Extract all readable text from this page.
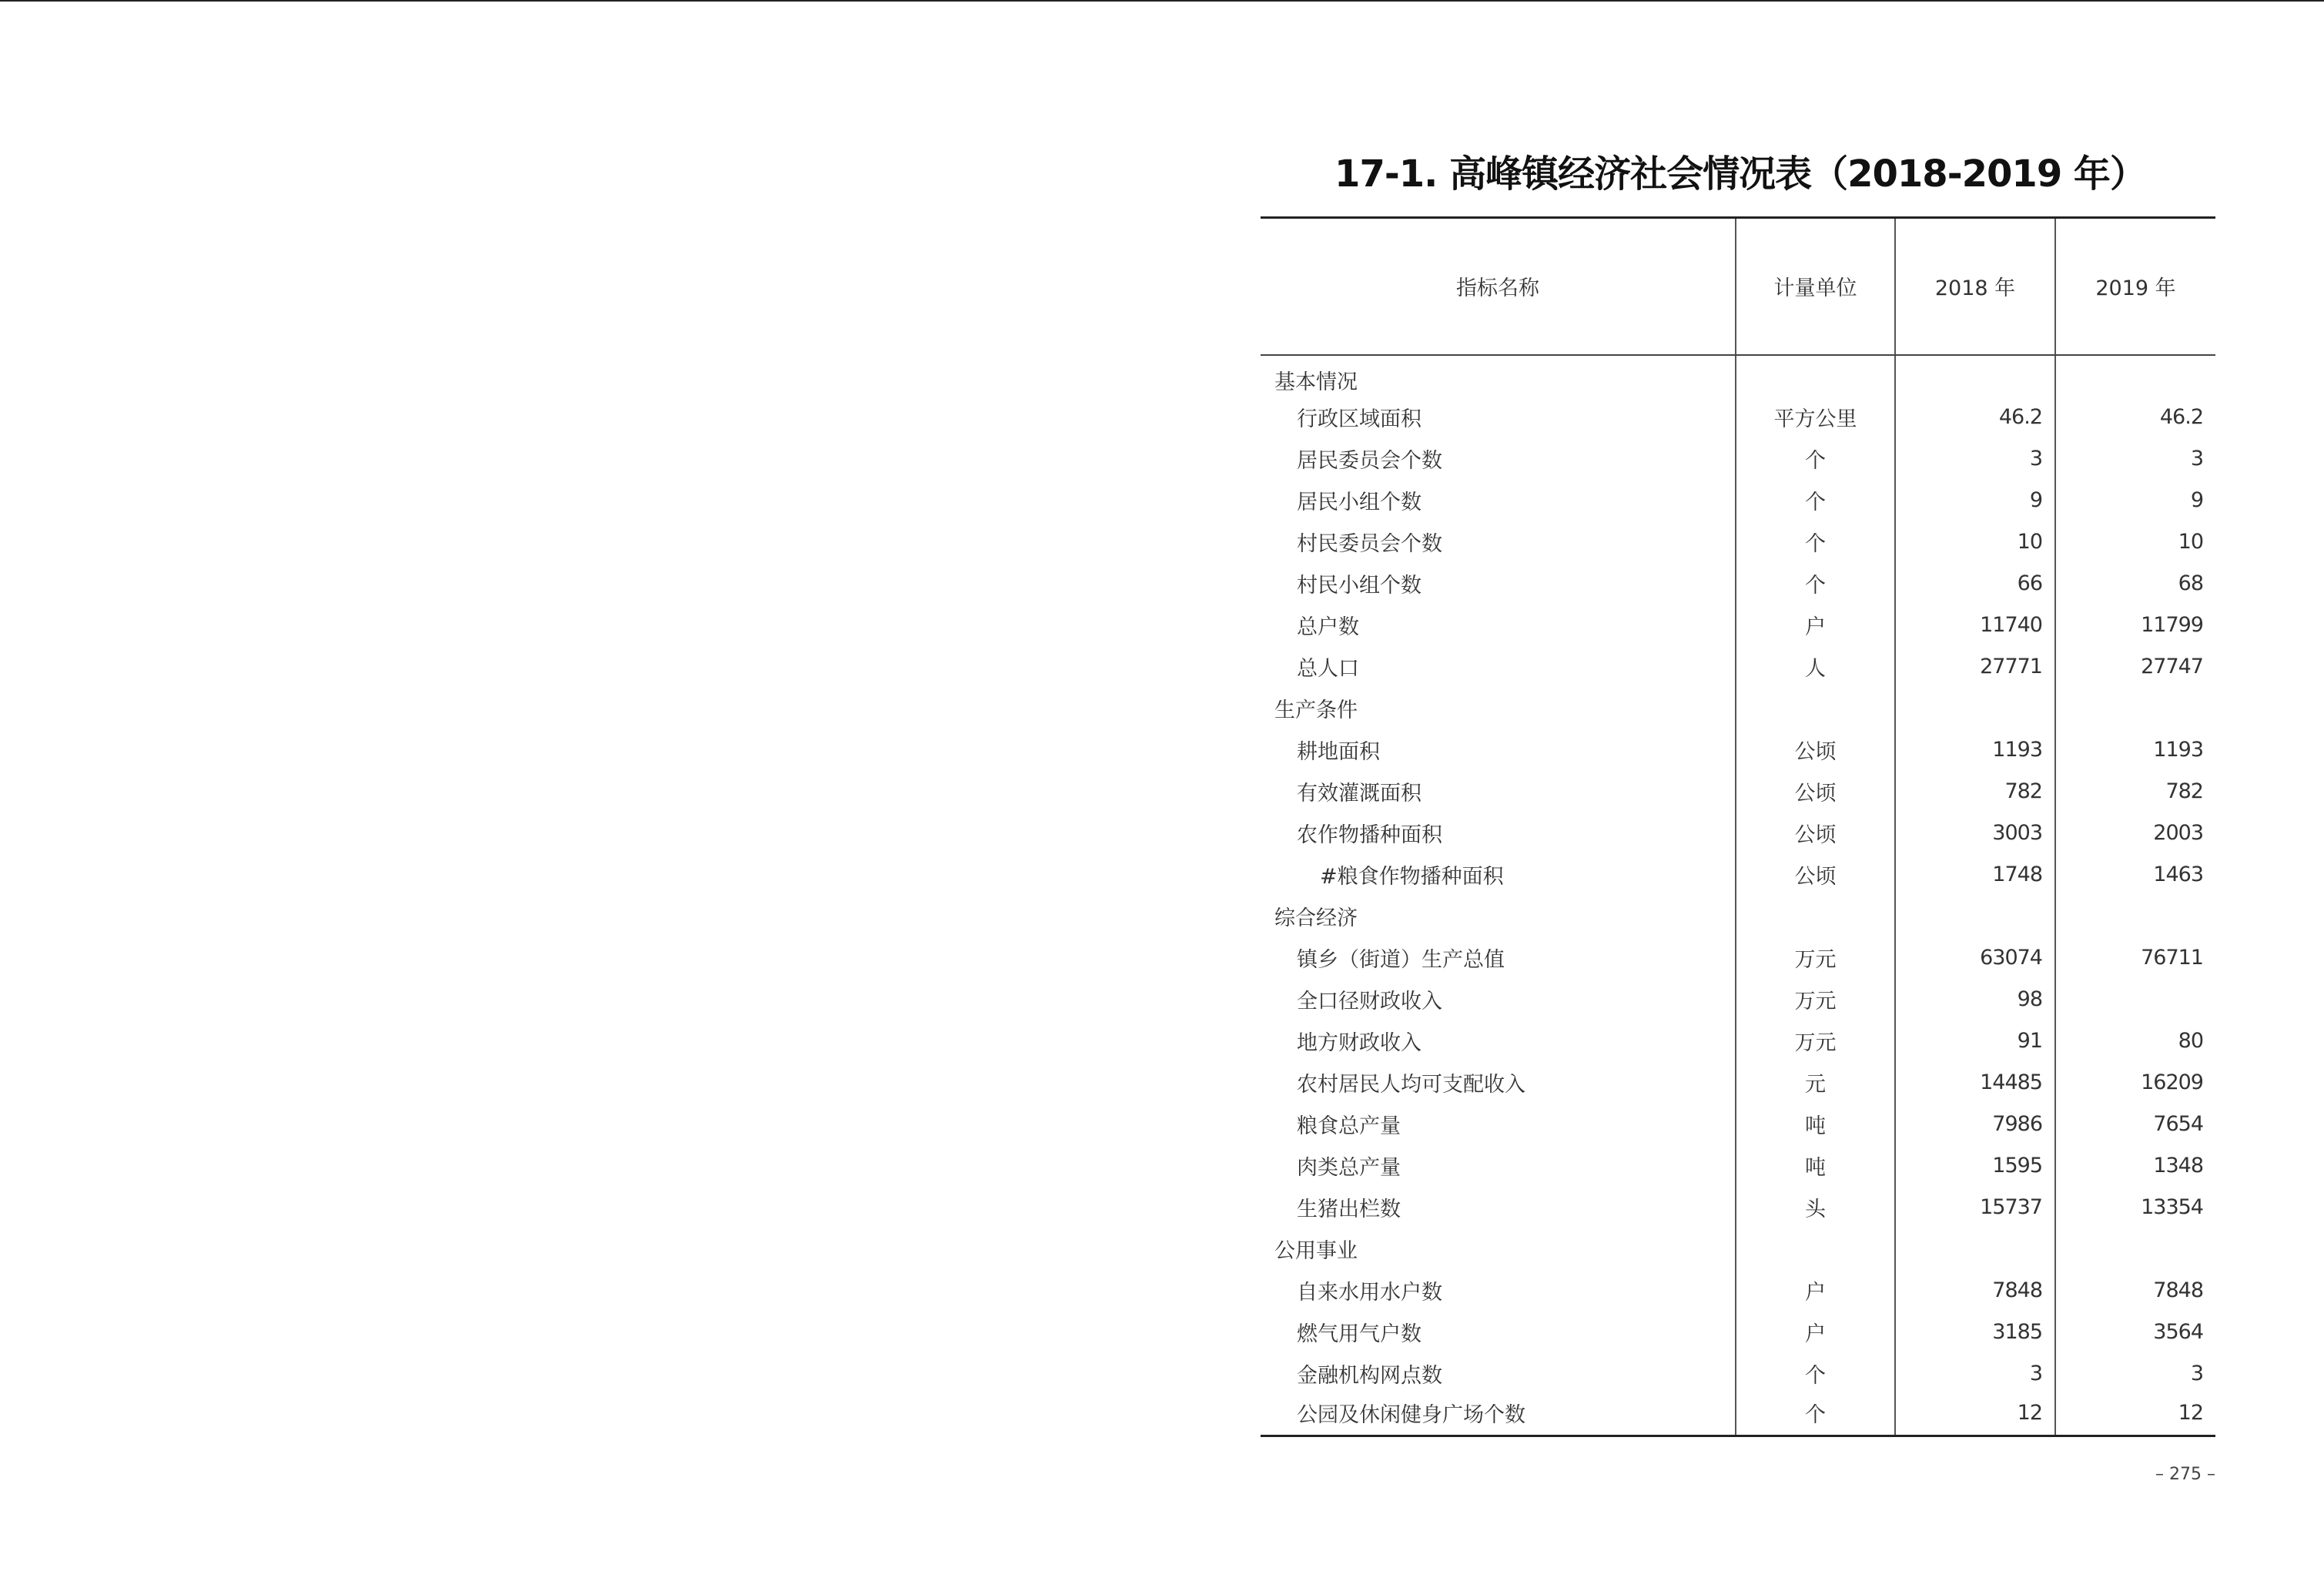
17-1. 高峰镇经济社会情况表（2018-2019 年）
指标名称	计量单位	2018 年	2019 年
基本情况			
行政区域面积	平方公里	46.2	46.2
居民委员会个数	个	3	3
居民小组个数	个	9	9
村民委员会个数	个	10	10
村民小组个数	个	66	68
总户数	户	11740	11799
总人口	人	27771	27747
生产条件			
耕地面积	公顷	1193	1193
有效灌溉面积	公顷	782	782
农作物播种面积	公顷	3003	2003
#粮食作物播种面积	公顷	1748	1463
综合经济			
镇乡（街道）生产总值	万元	63074	76711
全口径财政收入	万元	98	
地方财政收入	万元	91	80
农村居民人均可支配收入	元	14485	16209
粮食总产量	吨	7986	7654
肉类总产量	吨	1595	1348
生猪出栏数	头	15737	13354
公用事业			
自来水用水户数	户	7848	7848
燃气用气户数	户	3185	3564
金融机构网点数	个	3	3
公园及休闲健身广场个数	个	12	12
– 275 –
